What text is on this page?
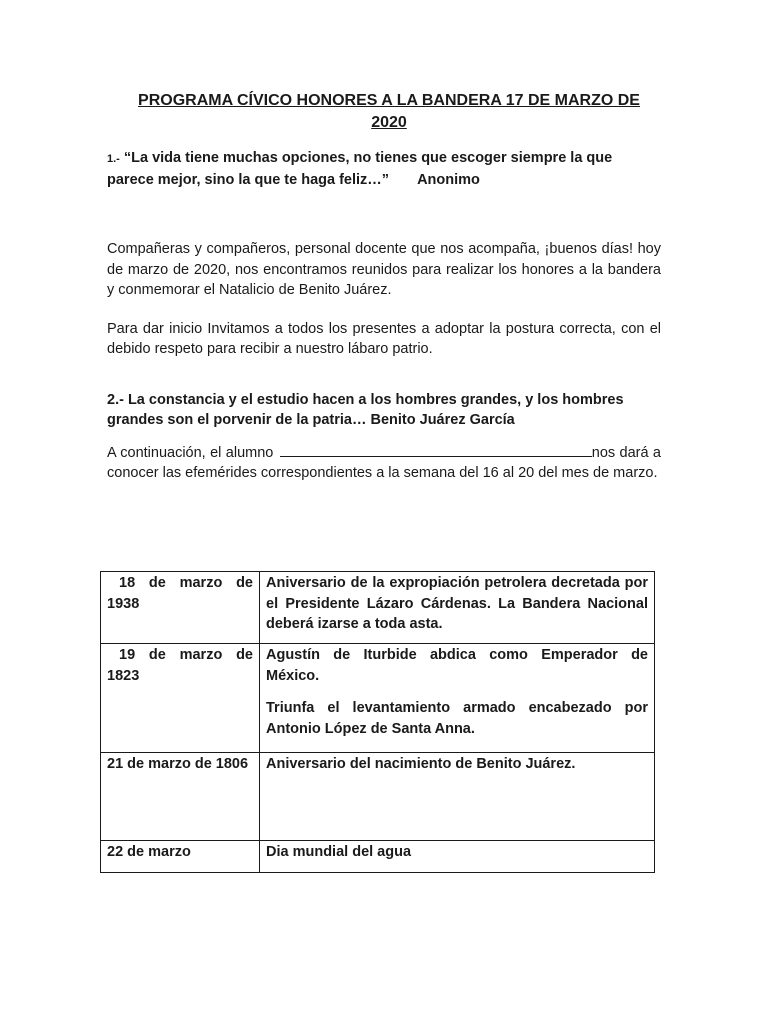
PROGRAMA CÍVICO HONORES A LA BANDERA 17 DE MARZO DE
2020
1.- “La vida tiene muchas opciones, no tienes que escoger siempre la que parece mejor, sino la que te haga feliz…” Anonimo

Compañeras y compañeros, personal docente que nos acompaña, ¡buenos días! hoy de marzo de 2020, nos encontramos reunidos para realizar los honores a la bandera y conmemorar el Natalicio de Benito Juárez.

Para dar inicio Invitamos a todos los presentes a adoptar la postura correcta, con el debido respeto para recibir a nuestro lábaro patrio.

2.- La constancia y el estudio hacen a los hombres grandes, y los hombres grandes son el porvenir de la patria… Benito Juárez García

A continuación, el alumno	nos dará a conocer las efemérides correspondientes a la semana del 16 al 20 del mes de marzo.

18 de marzo de 1938	Aniversario de la expropiación petrolera decretada por el Presidente Lázaro Cárdenas. La Bandera Nacional deberá izarse a toda asta.

19 de marzo de 1823	Agustín de Iturbide abdica como Emperador de México.

Triunfa el levantamiento armado encabezado por Antonio López de Santa Anna.

21 de marzo de 1806	Aniversario del nacimiento de Benito Juárez.

22 de marzo	Dia mundial del agua
